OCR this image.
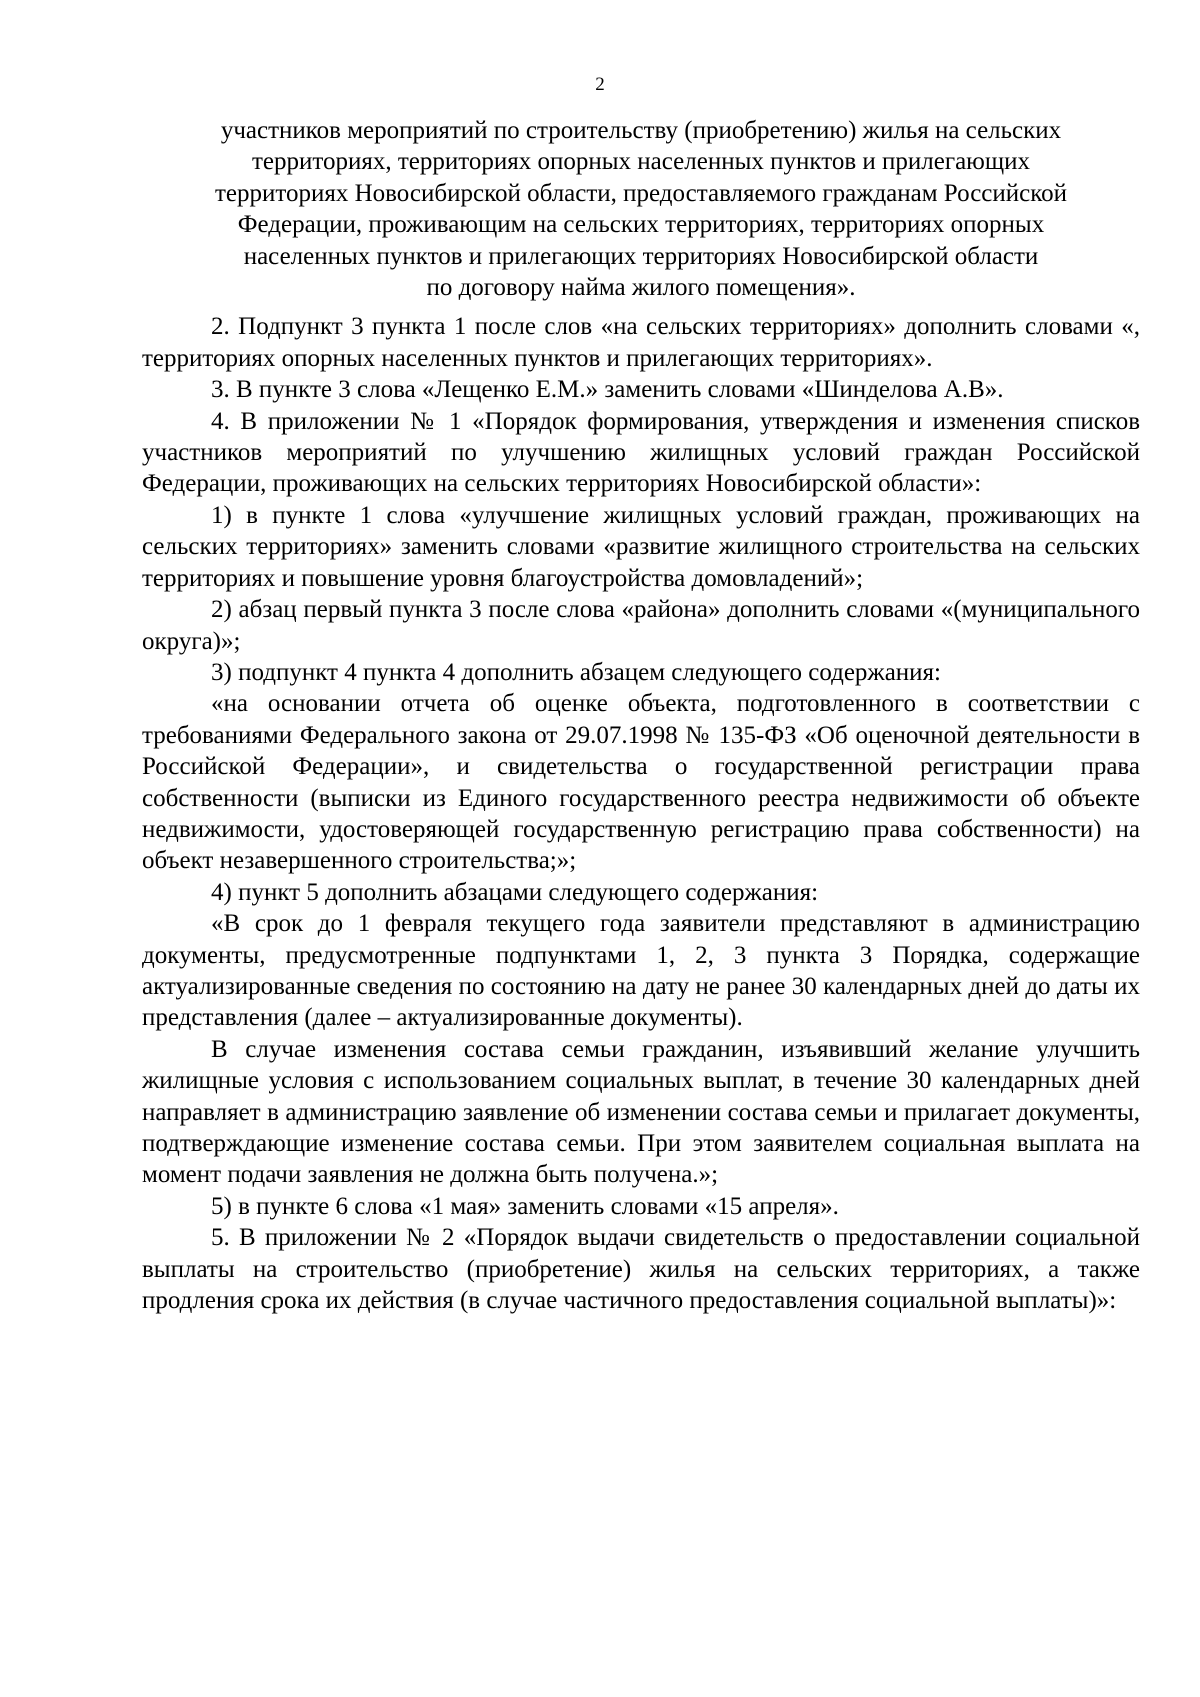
2
участников мероприятий по строительству (приобретению) жилья на сельских
территориях, территориях опорных населенных пунктов и прилегающих
территориях Новосибирской области, предоставляемого гражданам Российской
Федерации, проживающим на сельских территориях, территориях опорных
населенных пунктов и прилегающих территориях Новосибирской области
по договору найма жилого помещения».

2. Подпункт 3 пункта 1 после слов «на сельских территориях» дополнить словами «, территориях опорных населенных пунктов и прилегающих территориях».

3. В пункте 3 слова «Лещенко Е.М.» заменить словами «Шинделова А.В».

4. В приложении № 1 «Порядок формирования, утверждения и изменения списков участников мероприятий по улучшению жилищных условий граждан Российской Федерации, проживающих на сельских территориях Новосибирской области»:

1) в пункте 1 слова «улучшение жилищных условий граждан, проживающих на сельских территориях» заменить словами «развитие жилищного строительства на сельских территориях и повышение уровня благоустройства домовладений»;

2) абзац первый пункта 3 после слова «района» дополнить словами «(муниципального округа)»;

3) подпункт 4 пункта 4 дополнить абзацем следующего содержания:

«на основании отчета об оценке объекта, подготовленного в соответствии с требованиями Федерального закона от 29.07.1998 № 135-ФЗ «Об оценочной деятельности в Российской Федерации», и свидетельства о государственной регистрации права собственности (выписки из Единого государственного реестра недвижимости об объекте недвижимости, удостоверяющей государственную регистрацию права собственности) на объект незавершенного строительства;»;

4) пункт 5 дополнить абзацами следующего содержания:

«В срок до 1 февраля текущего года заявители представляют в администрацию документы, предусмотренные подпунктами 1, 2, 3 пункта 3 Порядка, содержащие актуализированные сведения по состоянию на дату не ранее 30 календарных дней до даты их представления (далее – актуализированные документы).

В случае изменения состава семьи гражданин, изъявивший желание улучшить жилищные условия с использованием социальных выплат, в течение 30 календарных дней направляет в администрацию заявление об изменении состава семьи и прилагает документы, подтверждающие изменение состава семьи. При этом заявителем социальная выплата на момент подачи заявления не должна быть получена.»;

5) в пункте 6 слова «1 мая» заменить словами «15 апреля».

5. В приложении № 2 «Порядок выдачи свидетельств о предоставлении социальной выплаты на строительство (приобретение) жилья на сельских территориях, а также продления срока их действия (в случае частичного предоставления социальной выплаты)»:
